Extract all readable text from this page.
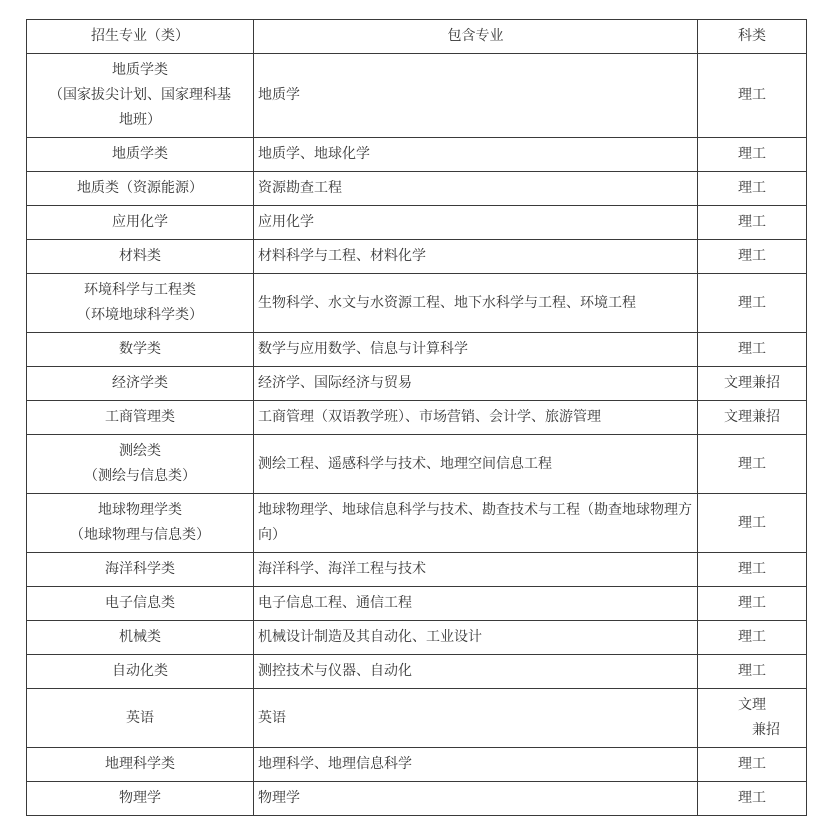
招生专业（类）	包含专业	科类

地质学类
（国家拔尖计划、国家理科基
地班）	地质学	理工
地质学类	地质学、地球化学	理工
地质类（资源能源）	资源勘查工程	理工
应用化学	应用化学	理工
材料类	材料科学与工程、材料化学	理工

环境科学与工程类
（环境地球科学类）	生物科学、水文与水资源工程、地下水科学与工程、环境工程	理工
数学类	数学与应用数学、信息与计算科学	理工
经济学类	经济学、国际经济与贸易	文理兼招
工商管理类	工商管理（双语教学班）、市场营销、会计学、旅游管理	文理兼招

测绘类
（测绘与信息类）	测绘工程、遥感科学与技术、地理空间信息工程	理工

地球物理学类
（地球物理与信息类）	地球物理学、地球信息科学与技术、勘查技术与工程（勘查地球物理方向）	理工
海洋科学类	海洋科学、海洋工程与技术	理工
电子信息类	电子信息工程、通信工程	理工
机械类	机械设计制造及其自动化、工业设计	理工
自动化类	测控技术与仪器、自动化	理工
英语	英语	文理
兼招

地理科学类	地理科学、地理信息科学	理工
物理学	物理学	理工
